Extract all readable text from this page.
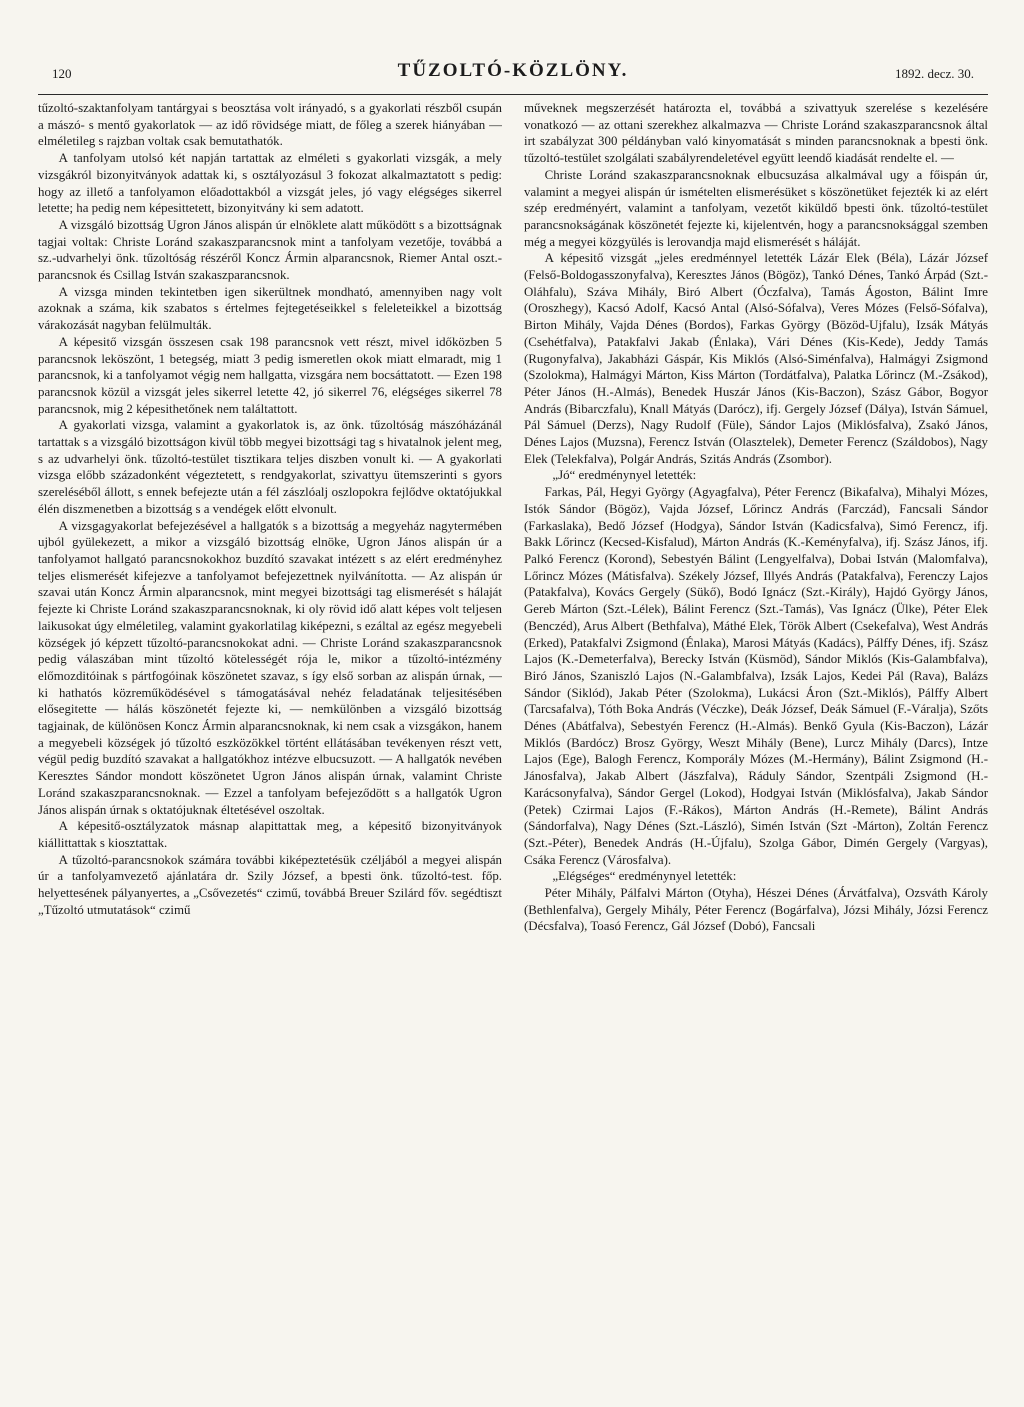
120	TŰZOLTÓ-KÖZLÖNY.	1892. decz. 30.

tűzoltó-szaktanfolyam tantárgyai s beosztása volt irányadó, s a gyakorlati részből csupán a mászó- s mentő gyakorlatok — az idő rövidsége miatt, de főleg a szerek hiányában — elméletileg s rajzban voltak csak bemutathatók.

A tanfolyam utolsó két napján tartattak az elméleti s gyakorlati vizsgák, a mely vizsgákról bizonyitványok adattak ki, s osztályozásul 3 fokozat alkalmaztatott s pedig: hogy az illető a tanfolyamon előadottakból a vizsgát jeles, jó vagy elégséges sikerrel letette; ha pedig nem képesittetett, bizonyitvány ki sem adatott.

A vizsgáló bizottság Ugron János alispán úr elnöklete alatt működött s a bizottságnak tagjai voltak: Christe Loránd szakaszparancsnok mint a tanfolyam vezetője, továbbá a sz.-udvarhelyi önk. tűzoltóság részéről Koncz Ármin alparancsnok, Riemer Antal oszt.-parancsnok és Csillag István szakaszparancsnok.

A vizsga minden tekintetben igen sikerültnek mondható, amennyiben nagy volt azoknak a száma, kik szabatos s értelmes fejtegetéseikkel s feleleteikkel a bizottság várakozását nagyban felülmulták.

A képesitő vizsgán összesen csak 198 parancsnok vett részt, mivel időközben 5 parancsnok leköszönt, 1 betegség, miatt 3 pedig ismeretlen okok miatt elmaradt, mig 1 parancsnok, ki a tanfolyamot végig nem hallgatta, vizsgára nem bocsáttatott. — Ezen 198 parancsnok közül a vizsgát jeles sikerrel letette 42, jó sikerrel 76, elégséges sikerrel 78 parancsnok, mig 2 képesithetőnek nem találtattott.

A gyakorlati vizsga, valamint a gyakorlatok is, az önk. tűzoltóság mászóházánál tartattak s a vizsgáló bizottságon kivül több megyei bizottsági tag s hivatalnok jelent meg, s az udvarhelyi önk. tűzoltó-testület tisztikara teljes diszben vonult ki. — A gyakorlati vizsga előbb századonként végeztetett, s rendgyakorlat, szivattyu ütemszerinti s gyors szereléséből állott, s ennek befejezte után a fél zászlóalj oszlopokra fejlődve oktatójukkal élén diszmenetben a bizottság s a vendégek előtt elvonult.

A vizsgagyakorlat befejezésével a hallgatók s a bizottság a megyeház nagytermében ujból gyülekezett, a mikor a vizsgáló bizottság elnöke, Ugron János alispán úr a tanfolyamot hallgató parancsnokokhoz buzdító szavakat intézett s az elért eredményhez teljes elismerését kifejezve a tanfolyamot befejezettnek nyilvánította. — Az alispán úr szavai után Koncz Ármin alparancsnok, mint megyei bizottsági tag elismerését s hálaját fejezte ki Christe Loránd szakaszparancsnoknak, ki oly rövid idő alatt képes volt teljesen laikusokat úgy elméletileg, valamint gyakorlatilag kiképezni, s ezáltal az egész megyebeli községek jó képzett tűzoltó-parancsnokokat adni. — Christe Loránd szakaszparancsnok pedig válaszában mint tűzoltó kötelességét rója le, mikor a tűzoltó-intézmény előmozditóinak s pártfogóinak köszönetet szavaz, s így első sorban az alispán úrnak, — ki hathatós közreműködésével s támogatásával nehéz feladatának teljesitésében elősegitette — hálás köszönetét fejezte ki, — nemkülönben a vizsgáló bizottság tagjainak, de különösen Koncz Ármin alparancsnoknak, ki nem csak a vizsgákon, hanem a megyebeli községek jó tűzoltó eszközökkel történt ellátásában tevékenyen részt vett, végül pedig buzdító szavakat a hallgatókhoz intézve elbucsuzott. — A hallgatók nevében Keresztes Sándor mondott köszönetet Ugron János alispán úrnak, valamint Christe Loránd szakaszparancsnoknak. — Ezzel a tanfolyam befejeződött s a hallgatók Ugron János alispán úrnak s oktatójuknak éltetésével oszoltak.

A képesitő-osztályzatok másnap alapittattak meg, a képesitő bizonyitványok kiállittattak s kiosztattak.

A tűzoltó-parancsnokok számára további kiképeztetésük czéljából a megyei alispán úr a tanfolyamvezető ajánlatára dr. Szily József, a bpesti önk. tűzoltó-test. főp. helyettesének pályanyertes, a „Csővezetés“ czimű, továbbá Breuer Szilárd főv. segédtiszt „Tűzoltó utmutatások“ czimű

műveknek megszerzését határozta el, továbbá a szivattyuk szerelése s kezelésére vonatkozó — az ottani szerekhez alkalmazva — Christe Loránd szakaszparancsnok által irt szabályzat 300 példányban való kinyomatását s minden parancsnoknak a bpesti önk. tűzoltó-testület szolgálati szabályrendeletével együtt leendő kiadását rendelte el. —

Christe Loránd szakaszparancsnoknak elbucsuzása alkalmával ugy a főispán úr, valamint a megyei alispán úr ismételten elismerésüket s köszönetüket fejezték ki az elért szép eredményért, valamint a tanfolyam, vezetőt kiküldő bpesti önk. tűzoltó-testület parancsnokságának köszönetét fejezte ki, kijelentvén, hogy a parancsnoksággal szemben még a megyei közgyülés is lerovandja majd elismerését s háláját.

A képesitő vizsgát „jeles eredménnyel letették Lázár Elek (Béla), Lázár József (Felső-Boldogasszonyfalva), Keresztes János (Bögöz), Tankó Dénes, Tankó Árpád (Szt.-Oláhfalu), Száva Mihály, Biró Albert (Óczfalva), Tamás Ágoston, Bálint Imre (Oroszhegy), Kacsó Adolf, Kacsó Antal (Alsó-Sófalva), Veres Mózes (Felső-Sófalva), Birton Mihály, Vajda Dénes (Bordos), Farkas György (Bözöd-Ujfalu), Izsák Mátyás (Csehétfalva), Patakfalvi Jakab (Énlaka), Vári Dénes (Kis-Kede), Jeddy Tamás (Rugonyfalva), Jakabházi Gáspár, Kis Miklós (Alsó-Siménfalva), Halmágyi Zsigmond (Szolokma), Halmágyi Márton, Kiss Márton (Tordátfalva), Palatka Lőrincz (M.-Zsákod), Péter János (H.-Almás), Benedek Huszár János (Kis-Baczon), Szász Gábor, Bogyor András (Bibarczfalu), Knall Mátyás (Darócz), ifj. Gergely József (Dálya), István Sámuel, Pál Sámuel (Derzs), Nagy Rudolf (Füle), Sándor Lajos (Miklósfalva), Zsakó János, Dénes Lajos (Muzsna), Ferencz István (Olasztelek), Demeter Ferencz (Száldobos), Nagy Elek (Telekfalva), Polgár András, Szitás András (Zsombor).

„Jó“ eredménynyel letették:

Farkas, Pál, Hegyi György (Agyagfalva), Péter Ferencz (Bikafalva), Mihalyi Mózes, Istók Sándor (Bögöz), Vajda József, Lőrincz András (Farczád), Fancsali Sándor (Farkaslaka), Bedő József (Hodgya), Sándor István (Kadicsfalva), Simó Ferencz, ifj. Bakk Lőrincz (Kecsed-Kisfalud), Márton András (K.-Keményfalva), ifj. Szász János, ifj. Palkó Ferencz (Korond), Sebestyén Bálint (Lengyelfalva), Dobai István (Malomfalva), Lőrincz Mózes (Mátisfalva). Székely József, Illyés András (Patakfalva), Ferenczy Lajos (Patakfalva), Kovács Gergely (Sükő), Bodó Ignácz (Szt.-Király), Hajdó György János, Gereb Márton (Szt.-Lélek), Bálint Ferencz (Szt.-Tamás), Vas Ignácz (Ülke), Péter Elek (Benczéd), Arus Albert (Bethfalva), Máthé Elek, Török Albert (Csekefalva), West András (Erked), Patakfalvi Zsigmond (Énlaka), Marosi Mátyás (Kadács), Pálffy Dénes, ifj. Szász Lajos (K.-Demeterfalva), Berecky István (Küsmöd), Sándor Miklós (Kis-Galambfalva), Biró János, Szaniszló Lajos (N.-Galambfalva), Izsák Lajos, Kedei Pál (Rava), Balázs Sándor (Siklód), Jakab Péter (Szolokma), Lukácsi Áron (Szt.-Miklós), Pálffy Albert (Tarcsafalva), Tóth Boka András (Véczke), Deák József, Deák Sámuel (F.-Váralja), Szőts Dénes (Abátfalva), Sebestyén Ferencz (H.-Almás). Benkő Gyula (Kis-Baczon), Lázár Miklós (Bardócz) Brosz György, Weszt Mihály (Bene), Lurcz Mihály (Darcs), Intze Lajos (Ege), Balogh Ferencz, Komporály Mózes (M.-Hermány), Bálint Zsigmond (H.-Jánosfalva), Jakab Albert (Jászfalva), Ráduly Sándor, Szentpáli Zsigmond (H.-Karácsonyfalva), Sándor Gergel (Lokod), Hodgyai István (Miklósfalva), Jakab Sándor (Petek) Czirmai Lajos (F.-Rákos), Márton András (H.-Remete), Bálint András (Sándorfalva), Nagy Dénes (Szt.-László), Simén István (Szt -Márton), Zoltán Ferencz (Szt.-Péter), Benedek András (H.-Újfalu), Szolga Gábor, Dimén Gergely (Vargyas), Csáka Ferencz (Városfalva).

„Elégséges“ eredménynyel letették:

Péter Mihály, Pálfalvi Márton (Otyha), Hészei Dénes (Árvátfalva), Ozsváth Károly (Bethlenfalva), Gergely Mihály, Péter Ferencz (Bogárfalva), Józsi Mihály, Józsi Ferencz (Décsfalva), Toasó Ferencz, Gál József (Dobó), Fancsali
